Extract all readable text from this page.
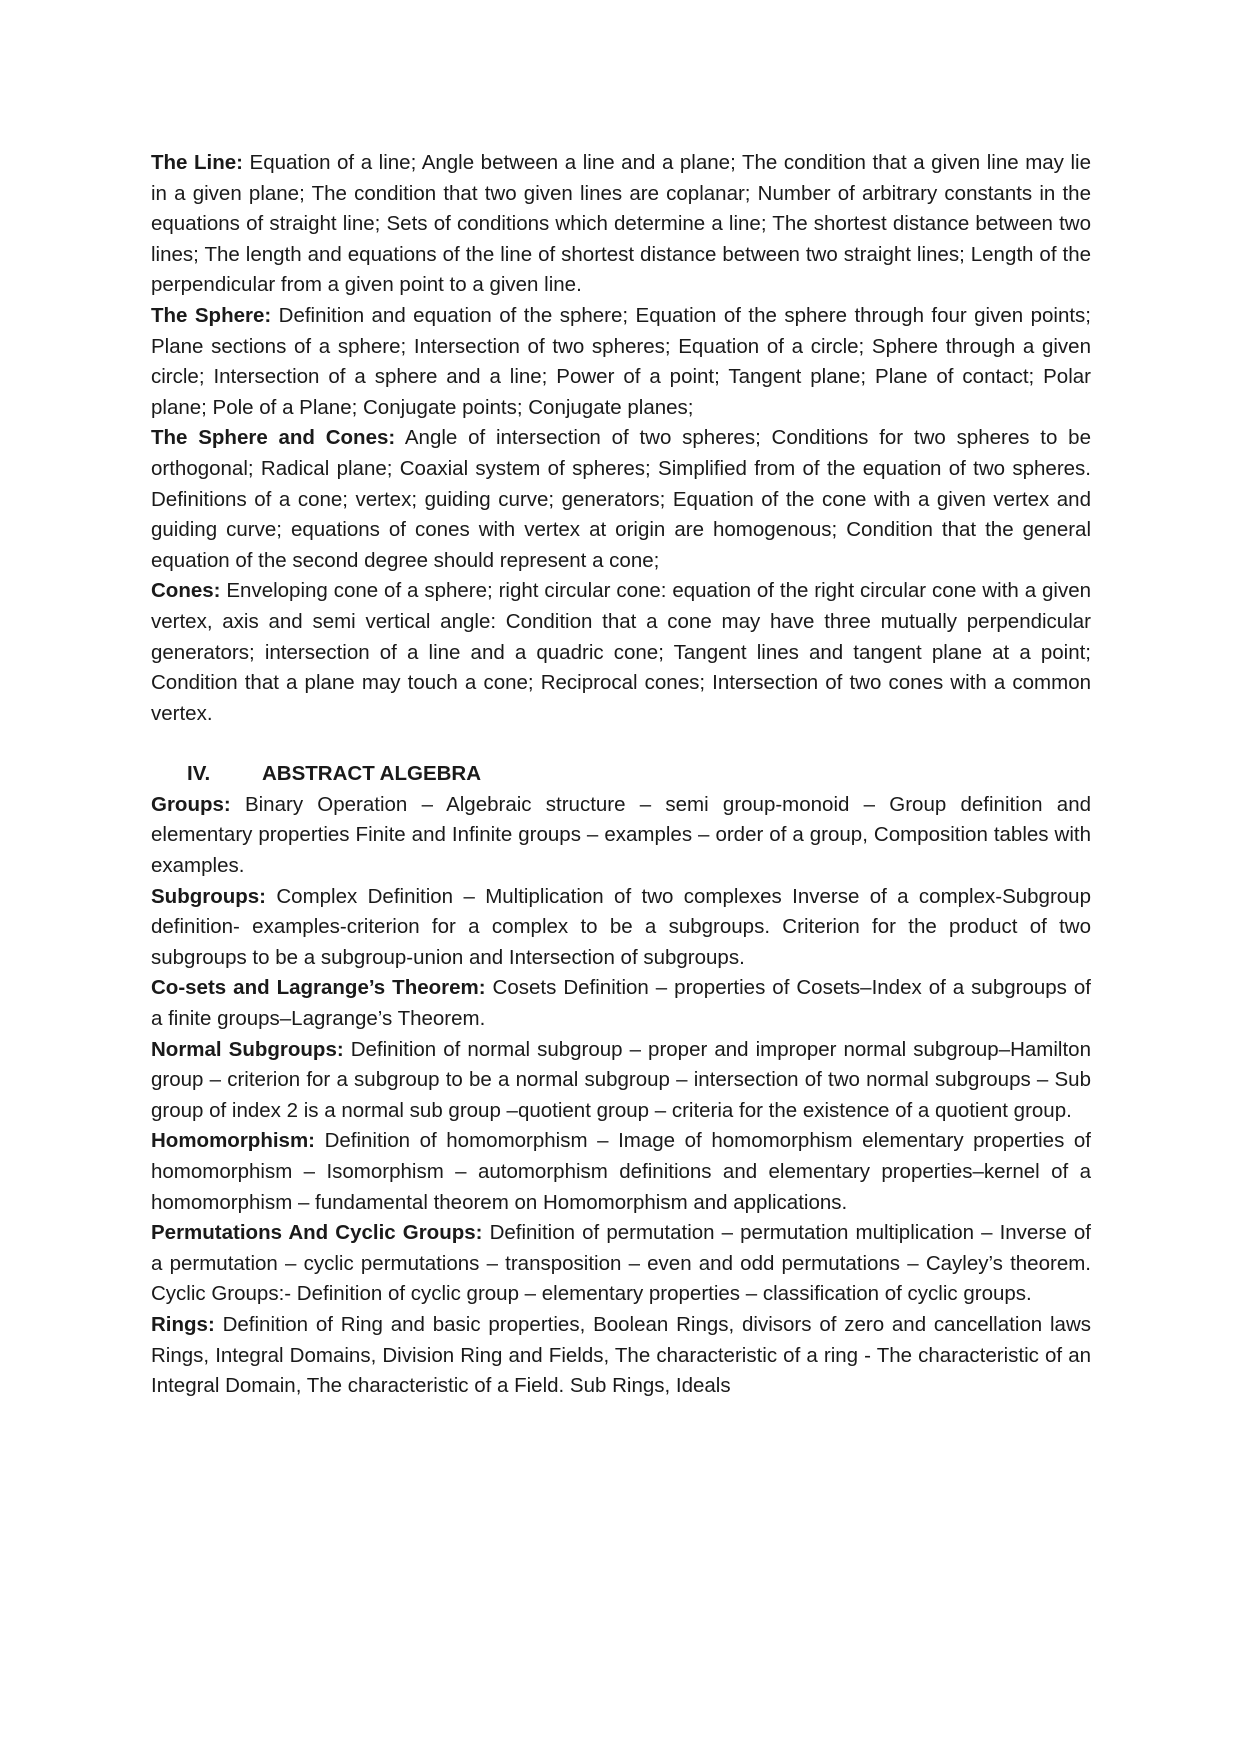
The Line: Equation of a line; Angle between a line and a plane; The condition that a given line may lie in a given plane; The condition that two given lines are coplanar; Number of arbitrary constants in the equations of straight line; Sets of conditions which determine a line; The shortest distance between two lines; The length and equations of the line of shortest distance between two straight lines; Length of the perpendicular from a given point to a given line.

The Sphere: Definition and equation of the sphere; Equation of the sphere through four given points; Plane sections of a sphere; Intersection of two spheres; Equation of a circle; Sphere through a given circle; Intersection of a sphere and a line; Power of a point; Tangent plane; Plane of contact; Polar plane; Pole of a Plane; Conjugate points; Conjugate planes;

The Sphere and Cones: Angle of intersection of two spheres; Conditions for two spheres to be orthogonal; Radical plane; Coaxial system of spheres; Simplified from of the equation of two spheres. Definitions of a cone; vertex; guiding curve; generators; Equation of the cone with a given vertex and guiding curve; equations of cones with vertex at origin are homogenous; Condition that the general equation of the second degree should represent a cone;

Cones: Enveloping cone of a sphere; right circular cone: equation of the right circular cone with a given vertex, axis and semi vertical angle: Condition that a cone may have three mutually perpendicular generators; intersection of a line and a quadric cone; Tangent lines and tangent plane at a point; Condition that a plane may touch a cone; Reciprocal cones; Intersection of two cones with a common vertex.

IV.	ABSTRACT ALGEBRA

Groups: Binary Operation – Algebraic structure – semi group-monoid – Group definition and elementary properties Finite and Infinite groups – examples – order of a group, Composition tables with examples.

Subgroups: Complex Definition – Multiplication of two complexes Inverse of a complex-Subgroup definition- examples-criterion for a complex to be a subgroups. Criterion for the product of two subgroups to be a subgroup-union and Intersection of subgroups.

Co-sets and Lagrange’s Theorem: Cosets Definition – properties of Cosets–Index of a subgroups of a finite groups–Lagrange’s Theorem.

Normal Subgroups: Definition of normal subgroup – proper and improper normal subgroup–Hamilton group – criterion for a subgroup to be a normal subgroup – intersection of two normal subgroups – Sub group of index 2 is a normal sub group –quotient group – criteria for the existence of a quotient group.

Homomorphism: Definition of homomorphism – Image of homomorphism elementary properties of homomorphism – Isomorphism – automorphism definitions and elementary properties–kernel of a homomorphism – fundamental theorem on Homomorphism and applications.

Permutations And Cyclic Groups: Definition of permutation – permutation multiplication – Inverse of a permutation – cyclic permutations – transposition – even and odd permutations – Cayley’s theorem. Cyclic Groups:- Definition of cyclic group – elementary properties – classification of cyclic groups.

Rings: Definition of Ring and basic properties, Boolean Rings, divisors of zero and cancellation laws Rings, Integral Domains, Division Ring and Fields, The characteristic of a ring - The characteristic of an Integral Domain, The characteristic of a Field. Sub Rings, Ideals
